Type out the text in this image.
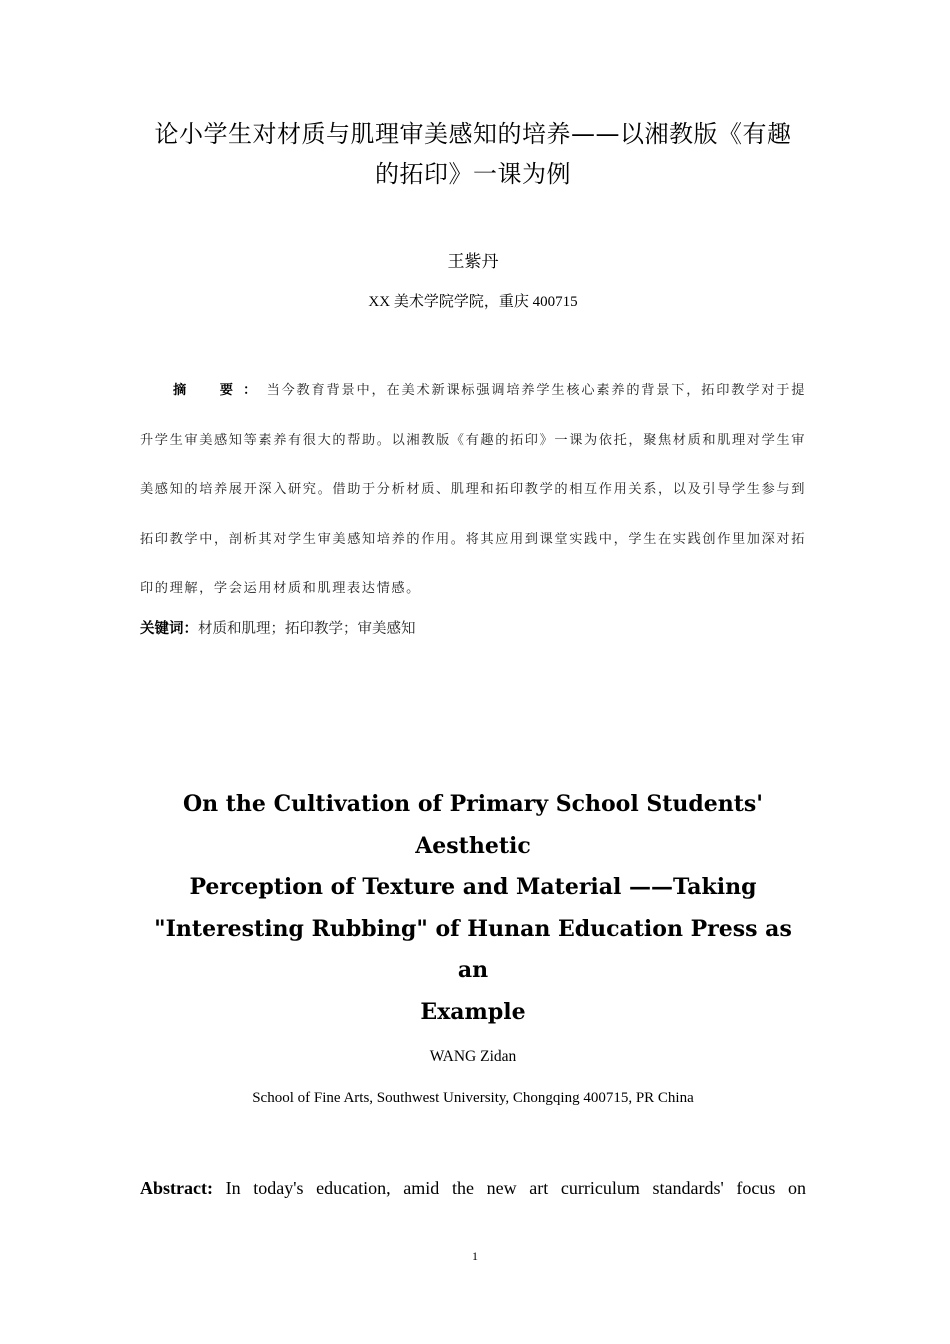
论小学生对材质与肌理审美感知的培养——以湘教版《有趣
的拓印》一课为例
王紫丹
XX 美术学院学院，重庆 400715
摘　要：当今教育背景中，在美术新课标强调培养学生核心素养的背景下，拓印教学对于提升学生审美感知等素养有很大的帮助。以湘教版《有趣的拓印》一课为依托，聚焦材质和肌理对学生审美感知的培养展开深入研究。借助于分析材质、肌理和拓印教学的相互作用关系，以及引导学生参与到拓印教学中，剖析其对学生审美感知培养的作用。将其应用到课堂实践中，学生在实践创作里加深对拓印的理解，学会运用材质和肌理表达情感。
关键词：材质和肌理；拓印教学；审美感知
On the Cultivation of Primary School Students' Aesthetic
Perception of Texture and Material ——Taking
"Interesting Rubbing" of Hunan Education Press as an
Example
WANG Zidan
School of Fine Arts, Southwest University, Chongqing 400715, PR China
Abstract: In today's education, amid the new art curriculum standards' focus on
1
